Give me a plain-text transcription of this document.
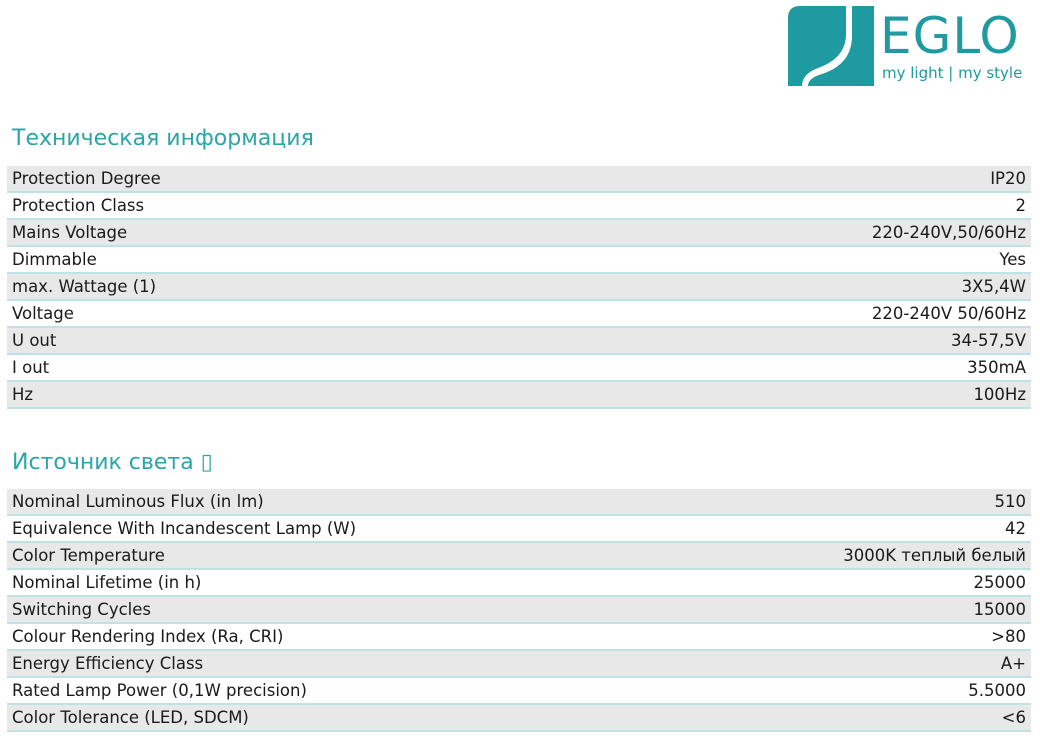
EGLO
my light | my style
Техническая информация
Protection Degree	IP20
Protection Class	2
Mains Voltage	220-240V,50/60Hz
Dimmable	Yes
max. Wattage (1)	3X5,4W
Voltage	220-240V 50/60Hz
U out	34-57,5V
I out	350mA
Hz	100Hz
Источник света ▯
Nominal Luminous Flux (in lm)	510
Equivalence With Incandescent Lamp (W)	42
Color Temperature	3000K теплый белый
Nominal Lifetime (in h)	25000
Switching Cycles	15000
Colour Rendering Index (Ra, CRI)	>80
Energy Efficiency Class	A+
Rated Lamp Power (0,1W precision)	5.5000
Color Tolerance (LED, SDCM)	<6
